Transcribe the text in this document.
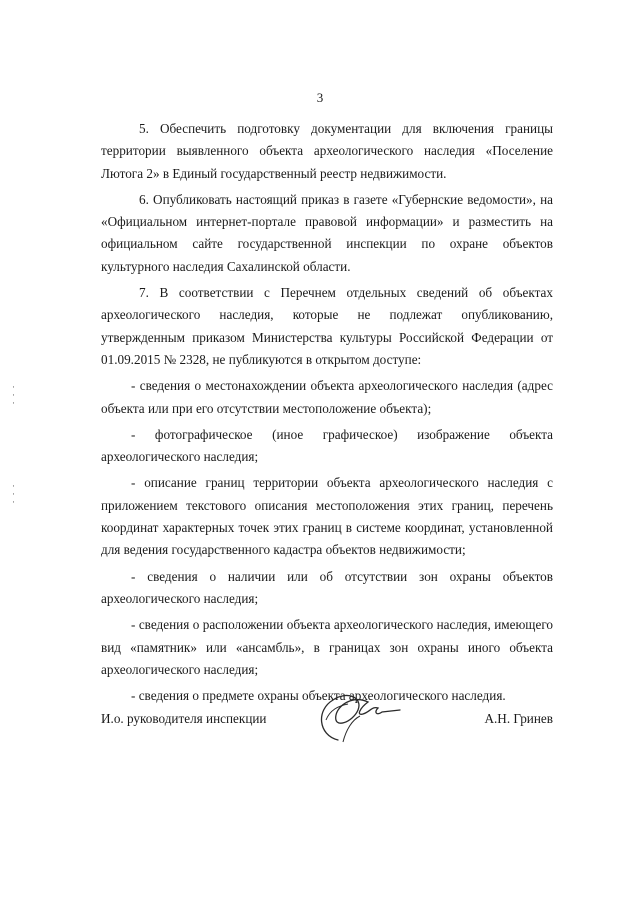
3

5. Обеспечить подготовку документации для включения границы территории выявленного объекта археологического наследия «Поселение Лютога 2» в Единый государственный реестр недвижимости.

6. Опубликовать настоящий приказ в газете «Губернские ведомости», на «Официальном интернет-портале правовой информации» и разместить на официальном сайте государственной инспекции по охране объектов культурного наследия Сахалинской области.

7. В соответствии с Перечнем отдельных сведений об объектах археологического наследия, которые не подлежат опубликованию, утвержденным приказом Министерства культуры Российской Федерации от 01.09.2015 № 2328, не публикуются в открытом доступе:

- сведения о местонахождении объекта археологического наследия (адрес объекта или при его отсутствии местоположение объекта);

- фотографическое (иное графическое) изображение объекта археологического наследия;

- описание границ территории объекта археологического наследия с приложением текстового описания местоположения этих границ, перечень координат характерных точек этих границ в системе координат, установленной для ведения государственного кадастра объектов недвижимости;

- сведения о наличии или об отсутствии зон охраны объектов археологического наследия;

- сведения о расположении объекта археологического наследия, имеющего вид «памятник» или «ансамбль», в границах зон охраны иного объекта археологического наследия;

- сведения о предмете охраны объекта археологического наследия.

И.о. руководителя инспекции	А.Н. Гринев
·
·
·
·
·
·
